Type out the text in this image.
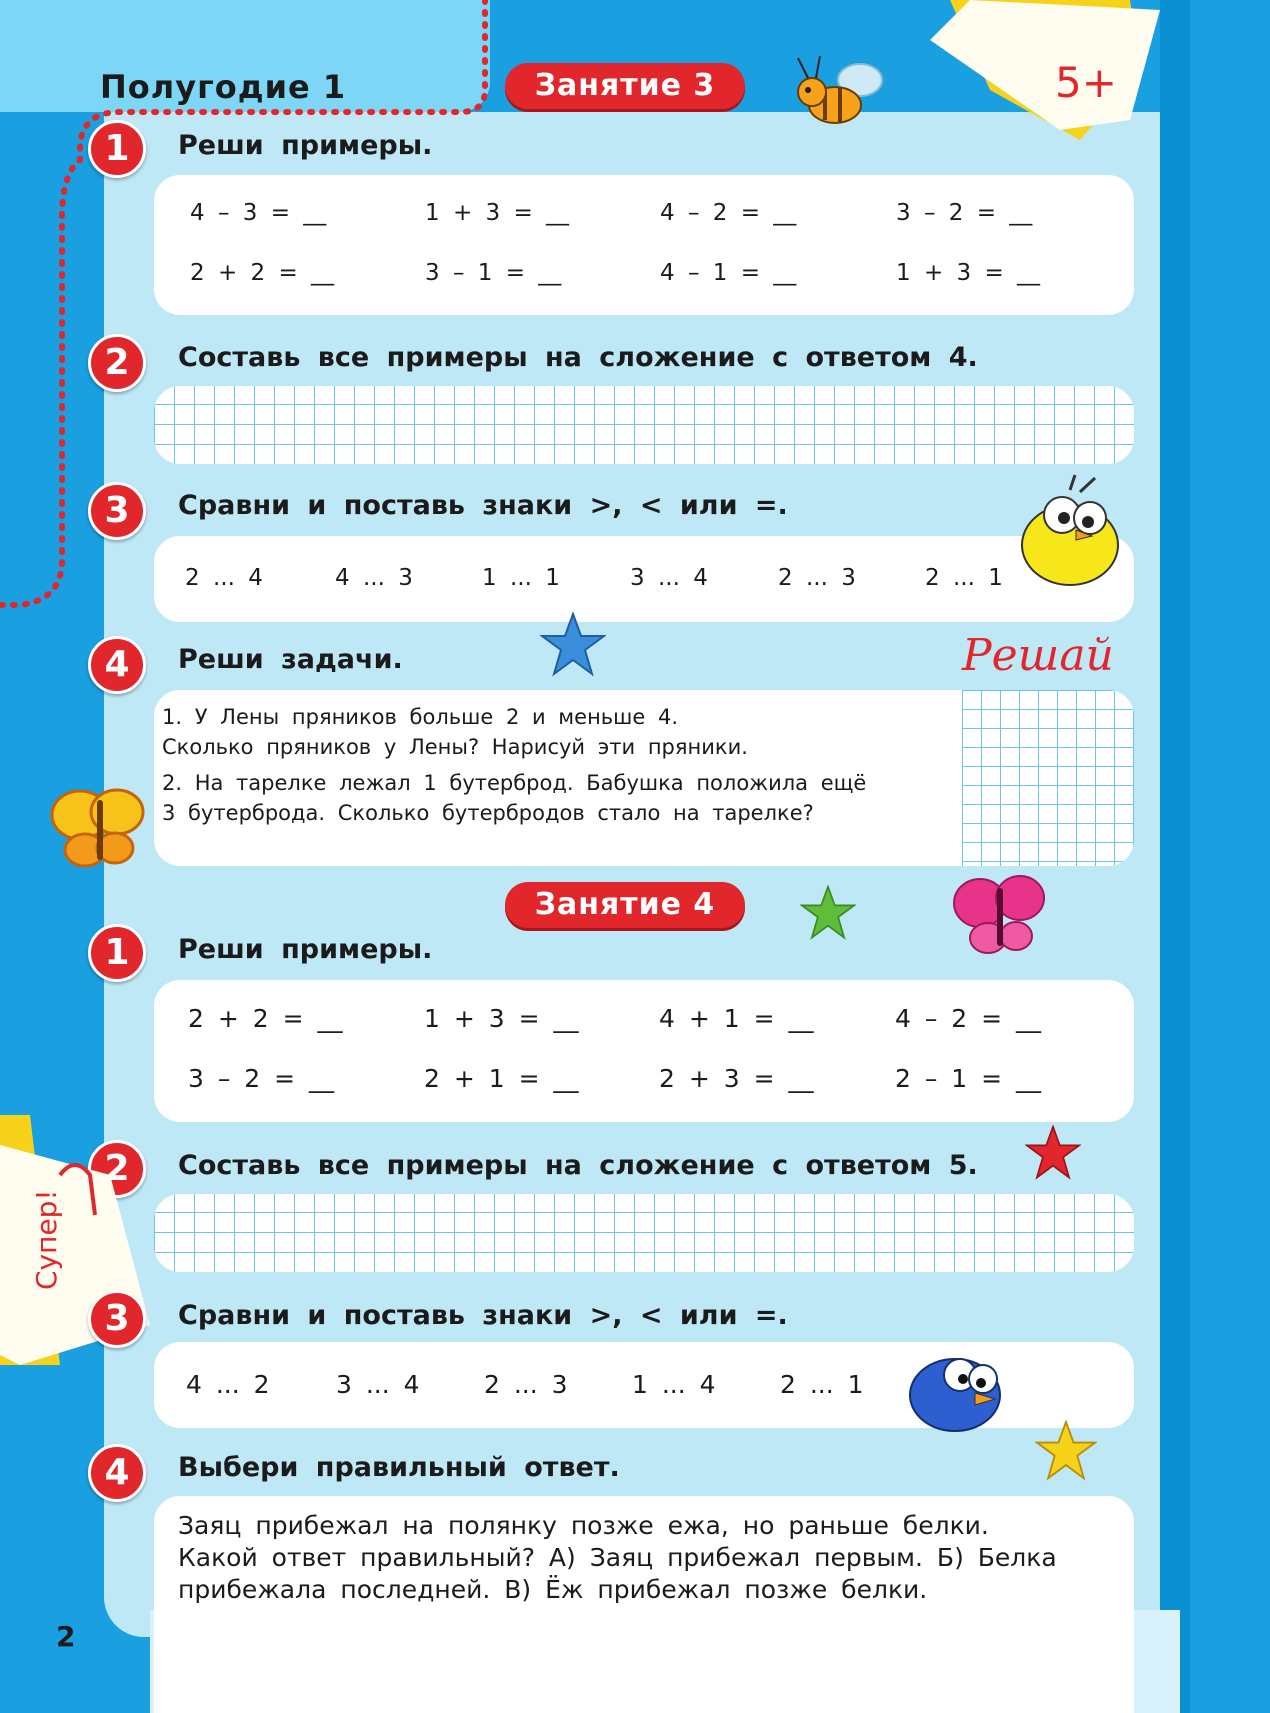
5+
Полугодие 1	Занятие 3
1	Реши примеры.
4 – 3 = __	1 + 3 = __	4 – 2 = __	3 – 2 = __
2 + 2 = __	3 – 1 = __	4 – 1 = __	1 + 3 = __
2	Составь все примеры на сложение с ответом 4.
3	Сравни и поставь знаки >, < или =.
2 ... 4	4 ... 3	1 ... 1	3 ... 4	2 ... 3	2 ... 1
4	Реши задачи.	Решай
1. У Лены пряников больше 2 и меньше 4.
Сколько пряников у Лены? Нарисуй эти пряники.
2. На тарелке лежал 1 бутерброд. Бабушка положила ещё
3 бутерброда. Сколько бутербродов стало на тарелке?
Занятие 4
1	Реши примеры.
2 + 2 = __	1 + 3 = __	4 + 1 = __	4 – 2 = __
3 – 2 = __	2 + 1 = __	2 + 3 = __	2 – 1 = __
2	Составь все примеры на сложение с ответом 5.
Супер!
3	Сравни и поставь знаки >, < или =.
4 ... 2	3 ... 4	2 ... 3	1 ... 4	2 ... 1
4	Выбери правильный ответ.
Заяц прибежал на полянку позже ежа, но раньше белки.
Какой ответ правильный? А) Заяц прибежал первым. Б) Белка
прибежала последней. В) Ёж прибежал позже белки.
2
